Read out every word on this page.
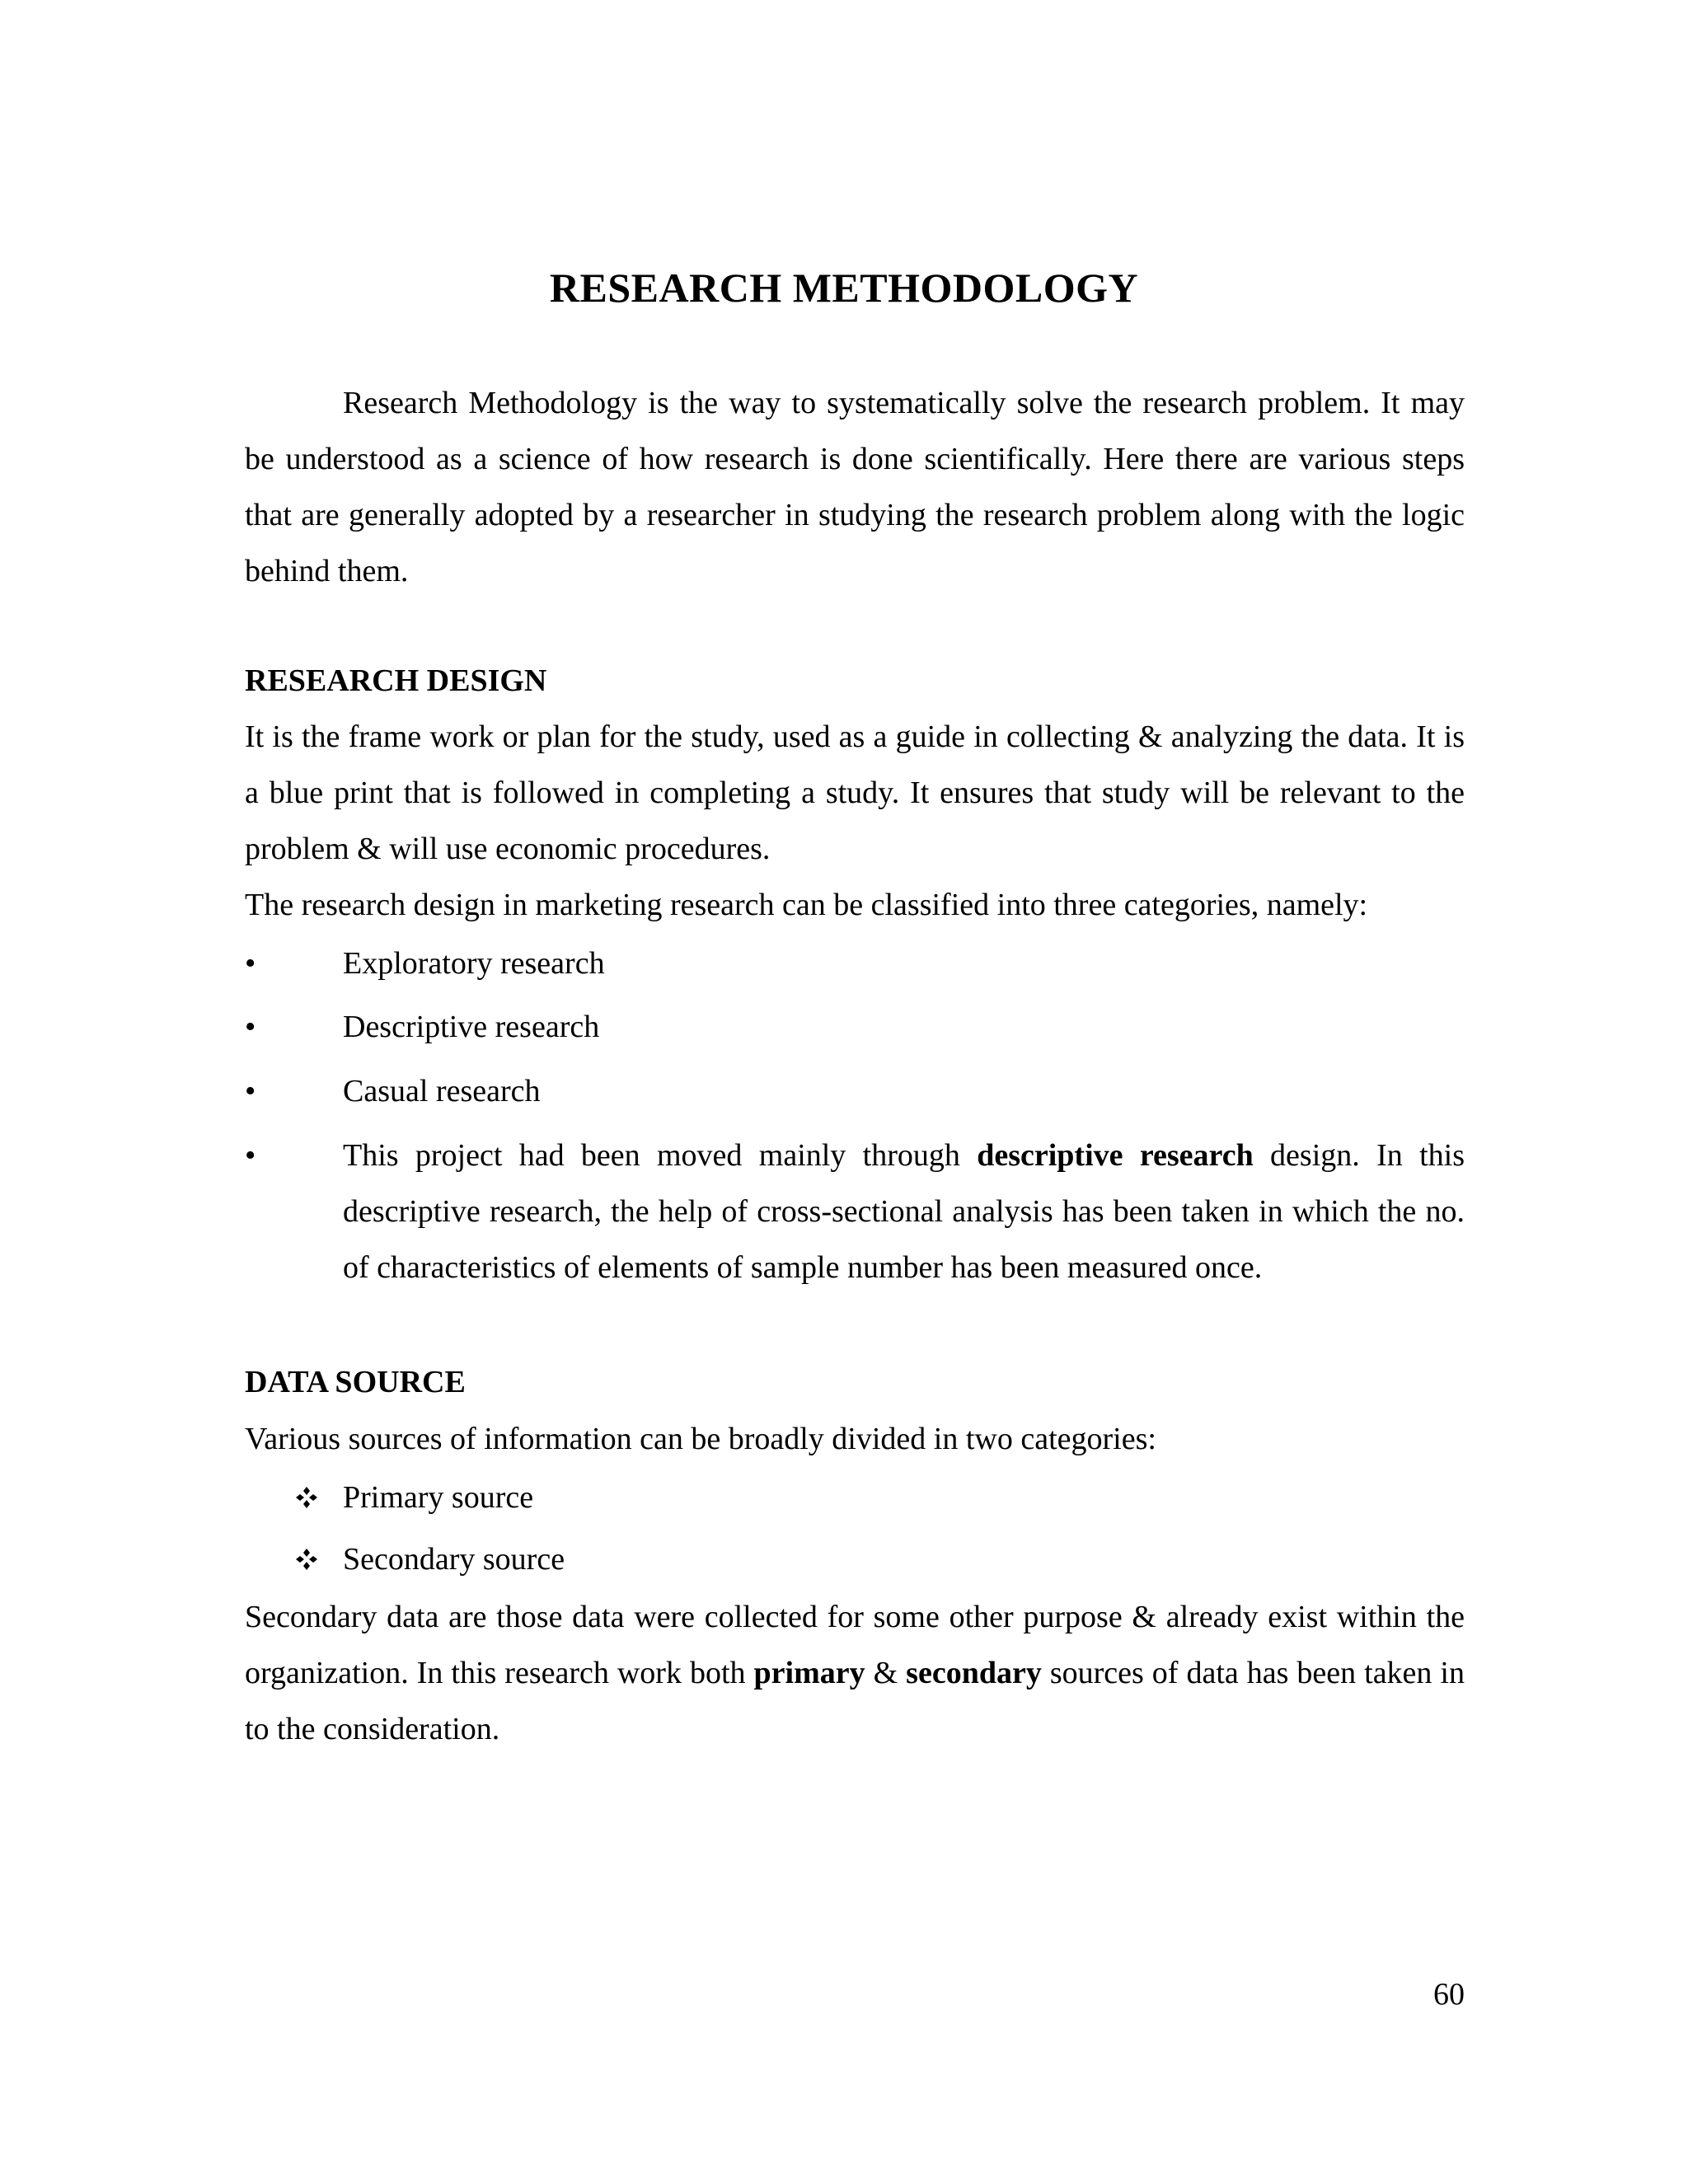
RESEARCH METHODOLOGY

Research Methodology is the way to systematically solve the research problem. It may be understood as a science of how research is done scientifically. Here there are various steps that are generally adopted by a researcher in studying the research problem along with the logic behind them.

RESEARCH DESIGN

It is the frame work or plan for the study, used as a guide in collecting & analyzing the data. It is a blue print that is followed in completing a study. It ensures that study will be relevant to the problem & will use economic procedures.

The research design in marketing research can be classified into three categories, namely:

•	Exploratory research
•	Descriptive research
•	Casual research
•	This project had been moved mainly through descriptive research design. In this descriptive research, the help of cross-sectional analysis has been taken in which the no. of characteristics of elements of sample number has been measured once.
DATA SOURCE

Various sources of information can be broadly divided in two categories:

Primary source
Secondary source

Secondary data are those data were collected for some other purpose & already exist within the organization. In this research work both primary & secondary sources of data has been taken in to the consideration.

60
